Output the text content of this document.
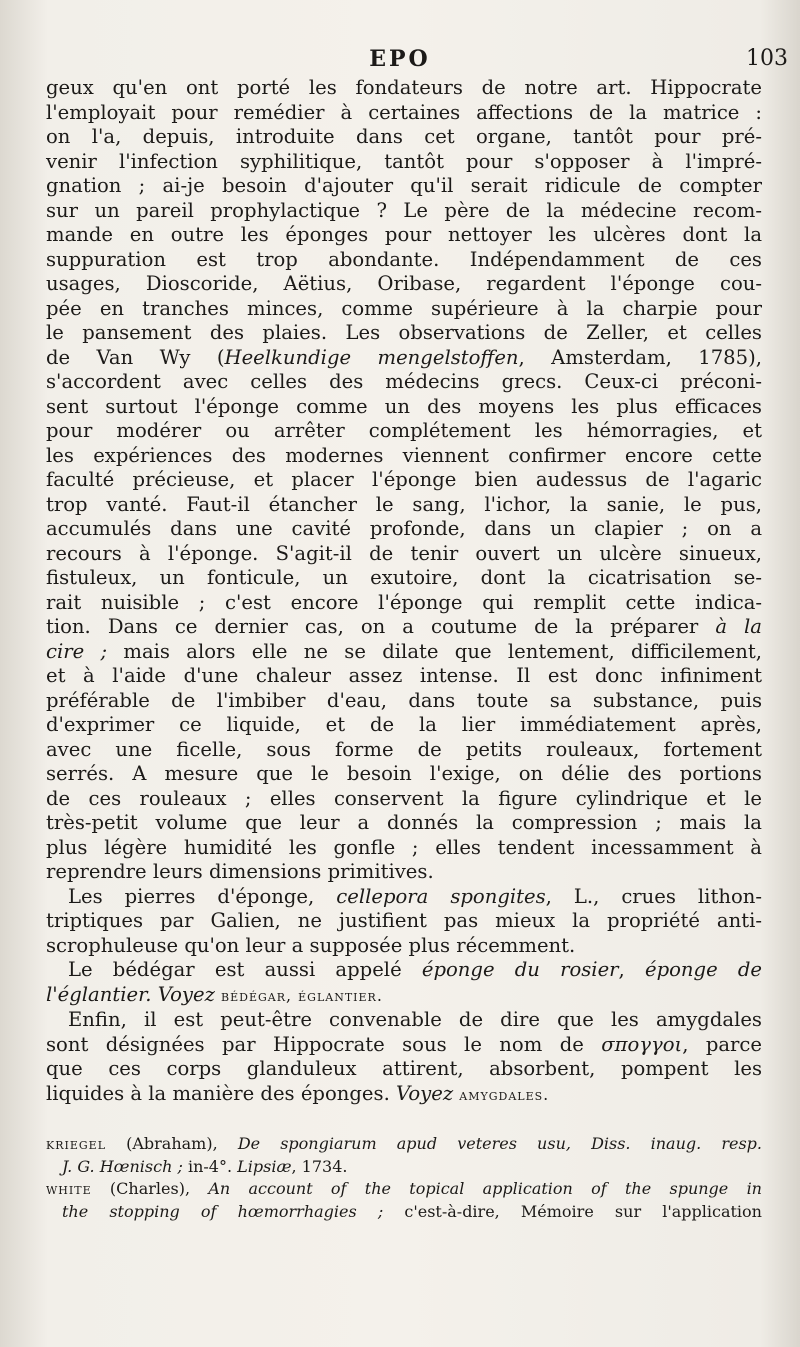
EPO	103
geux qu'en ont porté les fondateurs de notre art. Hippocrate
l'employait pour remédier à certaines affections de la matrice :
on l'a, depuis, introduite dans cet organe, tantôt pour pré-
venir l'infection syphilitique, tantôt pour s'opposer à l'impré-
gnation ; ai-je besoin d'ajouter qu'il serait ridicule de compter
sur un pareil prophylactique ? Le père de la médecine recom-
mande en outre les éponges pour nettoyer les ulcères dont la
suppuration est trop abondante. Indépendamment de ces
usages, Dioscoride, Aëtius, Oribase, regardent l'éponge cou-
pée en tranches minces, comme supérieure à la charpie pour
le pansement des plaies. Les observations de Zeller, et celles
de Van Wy (Heelkundige mengelstoffen, Amsterdam, 1785),
s'accordent avec celles des médecins grecs. Ceux-ci préconi-
sent surtout l'éponge comme un des moyens les plus efficaces
pour modérer ou arrêter complétement les hémorragies, et
les expériences des modernes viennent confirmer encore cette
faculté précieuse, et placer l'éponge bien audessus de l'agaric
trop vanté. Faut-il étancher le sang, l'ichor, la sanie, le pus,
accumulés dans une cavité profonde, dans un clapier ; on a
recours à l'éponge. S'agit-il de tenir ouvert un ulcère sinueux,
fistuleux, un fonticule, un exutoire, dont la cicatrisation se-
rait nuisible ; c'est encore l'éponge qui remplit cette indica-
tion. Dans ce dernier cas, on a coutume de la préparer à la
cire ; mais alors elle ne se dilate que lentement, difficilement,
et à l'aide d'une chaleur assez intense. Il est donc infiniment
préférable de l'imbiber d'eau, dans toute sa substance, puis
d'exprimer ce liquide, et de la lier immédiatement après,
avec une ficelle, sous forme de petits rouleaux, fortement
serrés. A mesure que le besoin l'exige, on délie des portions
de ces rouleaux ; elles conservent la figure cylindrique et le
très-petit volume que leur a donnés la compression ; mais la
plus légère humidité les gonfle ; elles tendent incessamment à
reprendre leurs dimensions primitives.
Les pierres d'éponge, cellepora spongites, L., crues lithon-
triptiques par Galien, ne justifient pas mieux la propriété anti-
scrophuleuse qu'on leur a supposée plus récemment.
Le bédégar est aussi appelé éponge du rosier, éponge de
l'églantier. Voyez bédégar, églantier.
Enfin, il est peut-être convenable de dire que les amygdales
sont désignées par Hippocrate sous le nom de σπογγοι, parce
que ces corps glanduleux attirent, absorbent, pompent les
liquides à la manière des éponges. Voyez amygdales.
kriegel (Abraham), De spongiarum apud veteres usu, Diss. inaug. resp.
J. G. Hœnisch ; in-4°. Lipsiæ, 1734.
white (Charles), An account of the topical application of the spunge in
the stopping of hœmorrhagies ; c'est-à-dire, Mémoire sur l'application
